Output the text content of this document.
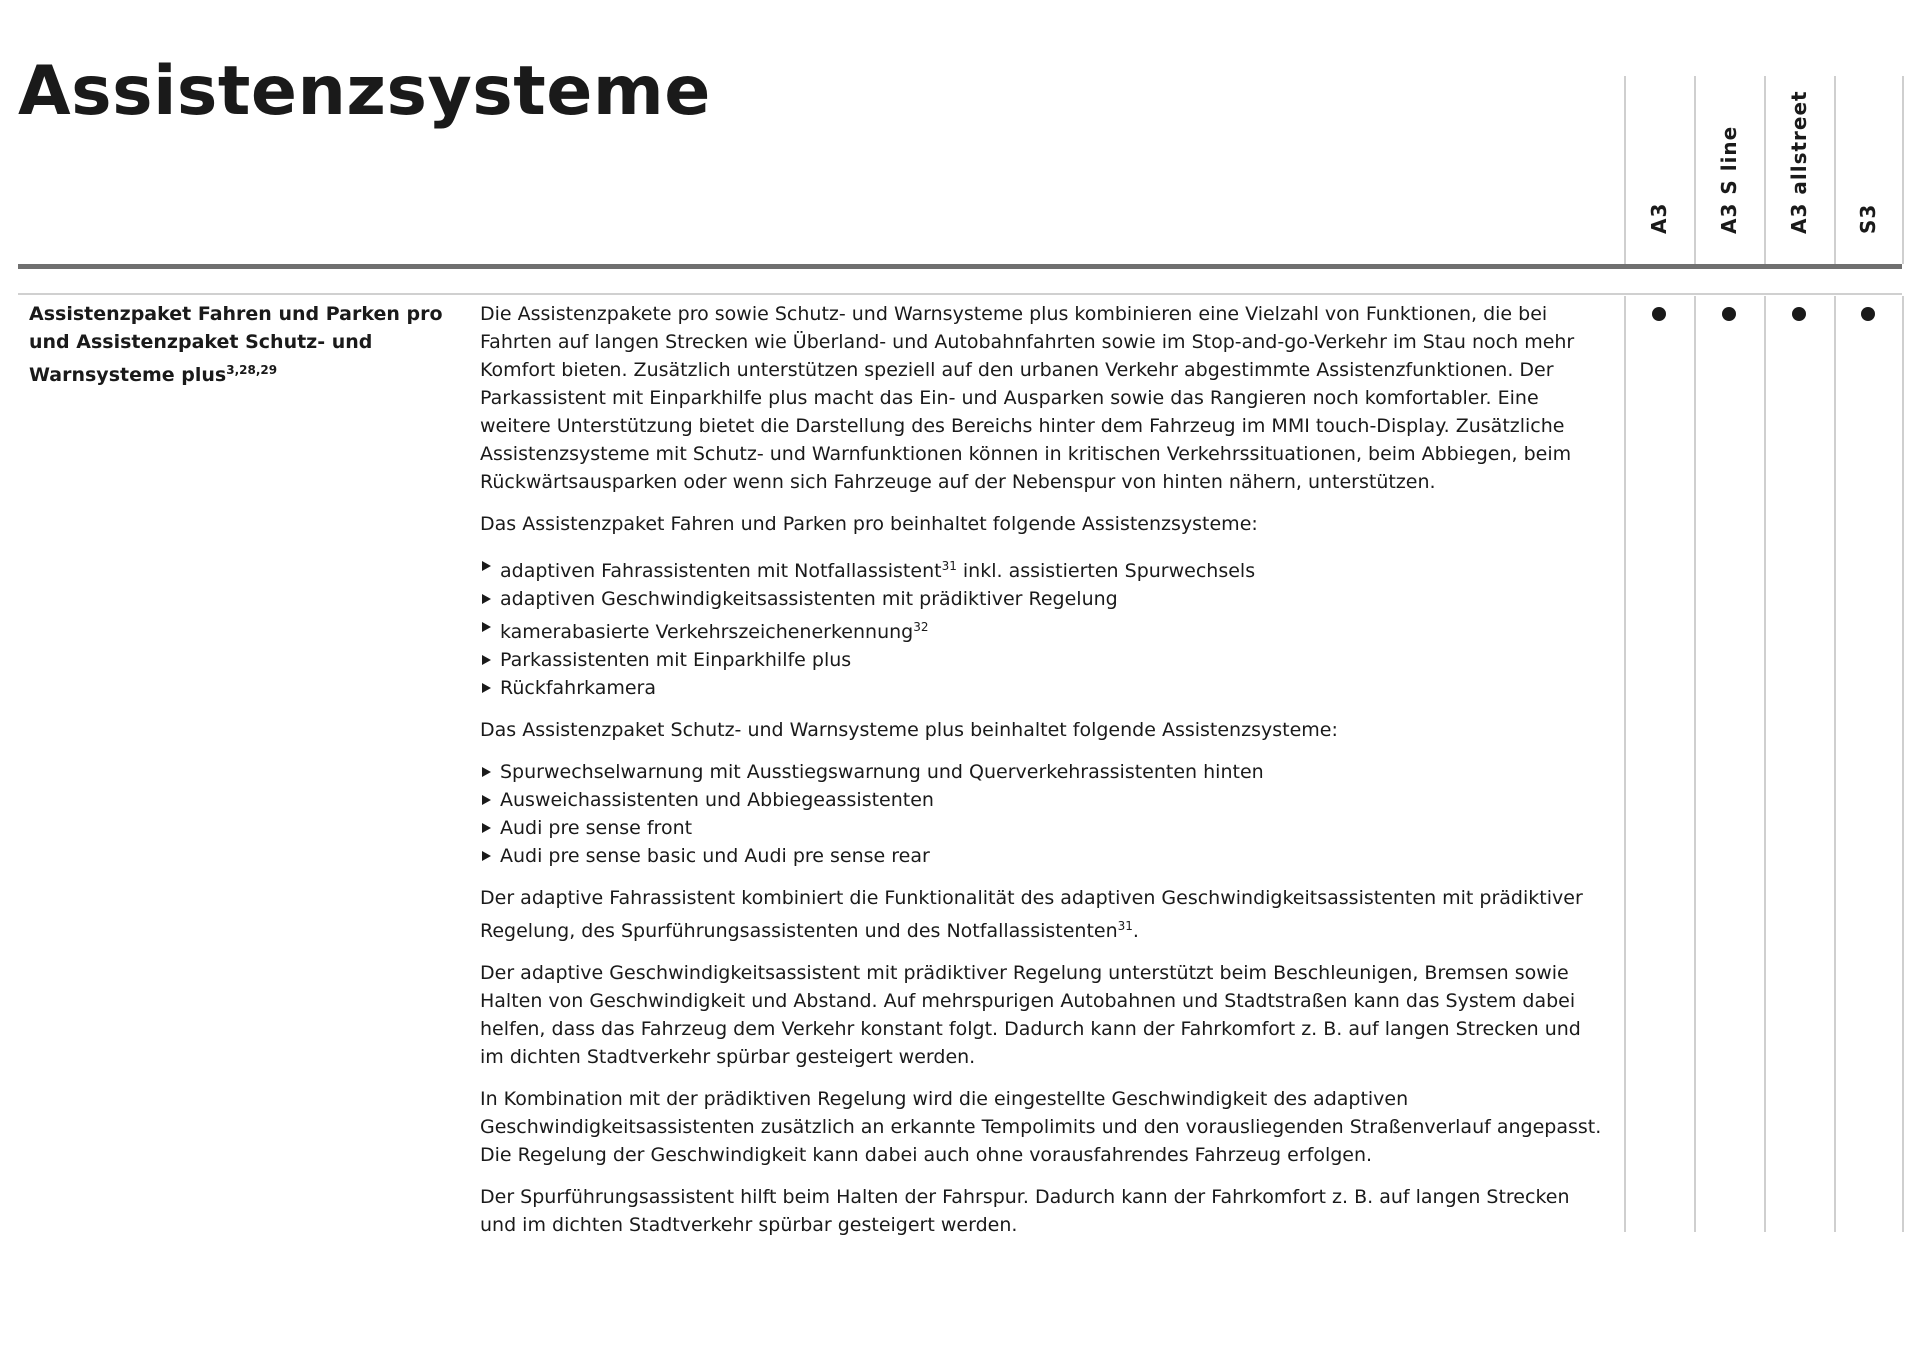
Assistenzsysteme
A3 A3 S line A3 allstreet S3

Assistenzpaket Fahren und Parken pro und Assistenzpaket Schutz- und Warnsysteme plus$^{3,28,29}$

Die Assistenzpakete pro sowie Schutz- und Warnsysteme plus kombinieren eine Vielzahl von Funktionen, die bei Fahrten auf langen Strecken wie Überland- und Autobahnfahrten sowie im Stop-and-go-Verkehr im Stau noch mehr Komfort bieten. Zusätzlich unterstützen speziell auf den urbanen Verkehr abgestimmte Assistenzfunktionen. Der Parkassistent mit Einparkhilfe plus macht das Ein- und Ausparken sowie das Rangieren noch komfortabler. Eine weitere Unterstützung bietet die Darstellung des Bereichs hinter dem Fahrzeug im MMI touch-Display. Zusätzliche Assistenzsysteme mit Schutz- und Warnfunktionen können in kritischen Verkehrssituationen, beim Abbiegen, beim Rückwärtsausparken oder wenn sich Fahrzeuge auf der Nebenspur von hinten nähern, unterstützen.

Das Assistenzpaket Fahren und Parken pro beinhaltet folgende Assistenzsysteme:

adaptiven Fahrassistenten mit Notfallassistent$^{31}$ inkl. assistierten Spurwechsels
adaptiven Geschwindigkeitsassistenten mit prädiktiver Regelung
kamerabasierte Verkehrszeichenerkennung$^{32}$
Parkassistenten mit Einparkhilfe plus
Rückfahrkamera

Das Assistenzpaket Schutz- und Warnsysteme plus beinhaltet folgende Assistenzsysteme:

Spurwechselwarnung mit Ausstiegswarnung und Querverkehrassistenten hinten
Ausweichassistenten und Abbiegeassistenten
Audi pre sense front
Audi pre sense basic und Audi pre sense rear

Der adaptive Fahrassistent kombiniert die Funktionalität des adaptiven Geschwindigkeitsassistenten mit prädiktiver Regelung, des Spurführungsassistenten und des Notfallassistenten$^{31}$.

Der adaptive Geschwindigkeitsassistent mit prädiktiver Regelung unterstützt beim Beschleunigen, Bremsen sowie Halten von Geschwindigkeit und Abstand. Auf mehrspurigen Autobahnen und Stadtstraßen kann das System dabei helfen, dass das Fahrzeug dem Verkehr konstant folgt. Dadurch kann der Fahrkomfort z. B. auf langen Strecken und im dichten Stadtverkehr spürbar gesteigert werden.

In Kombination mit der prädiktiven Regelung wird die eingestellte Geschwindigkeit des adaptiven Geschwindigkeitsassistenten zusätzlich an erkannte Tempolimits und den vorausliegenden Straßenverlauf angepasst. Die Regelung der Geschwindigkeit kann dabei auch ohne vorausfahrendes Fahrzeug erfolgen.

Der Spurführungsassistent hilft beim Halten der Fahrspur. Dadurch kann der Fahrkomfort z. B. auf langen Strecken und im dichten Stadtverkehr spürbar gesteigert werden.
